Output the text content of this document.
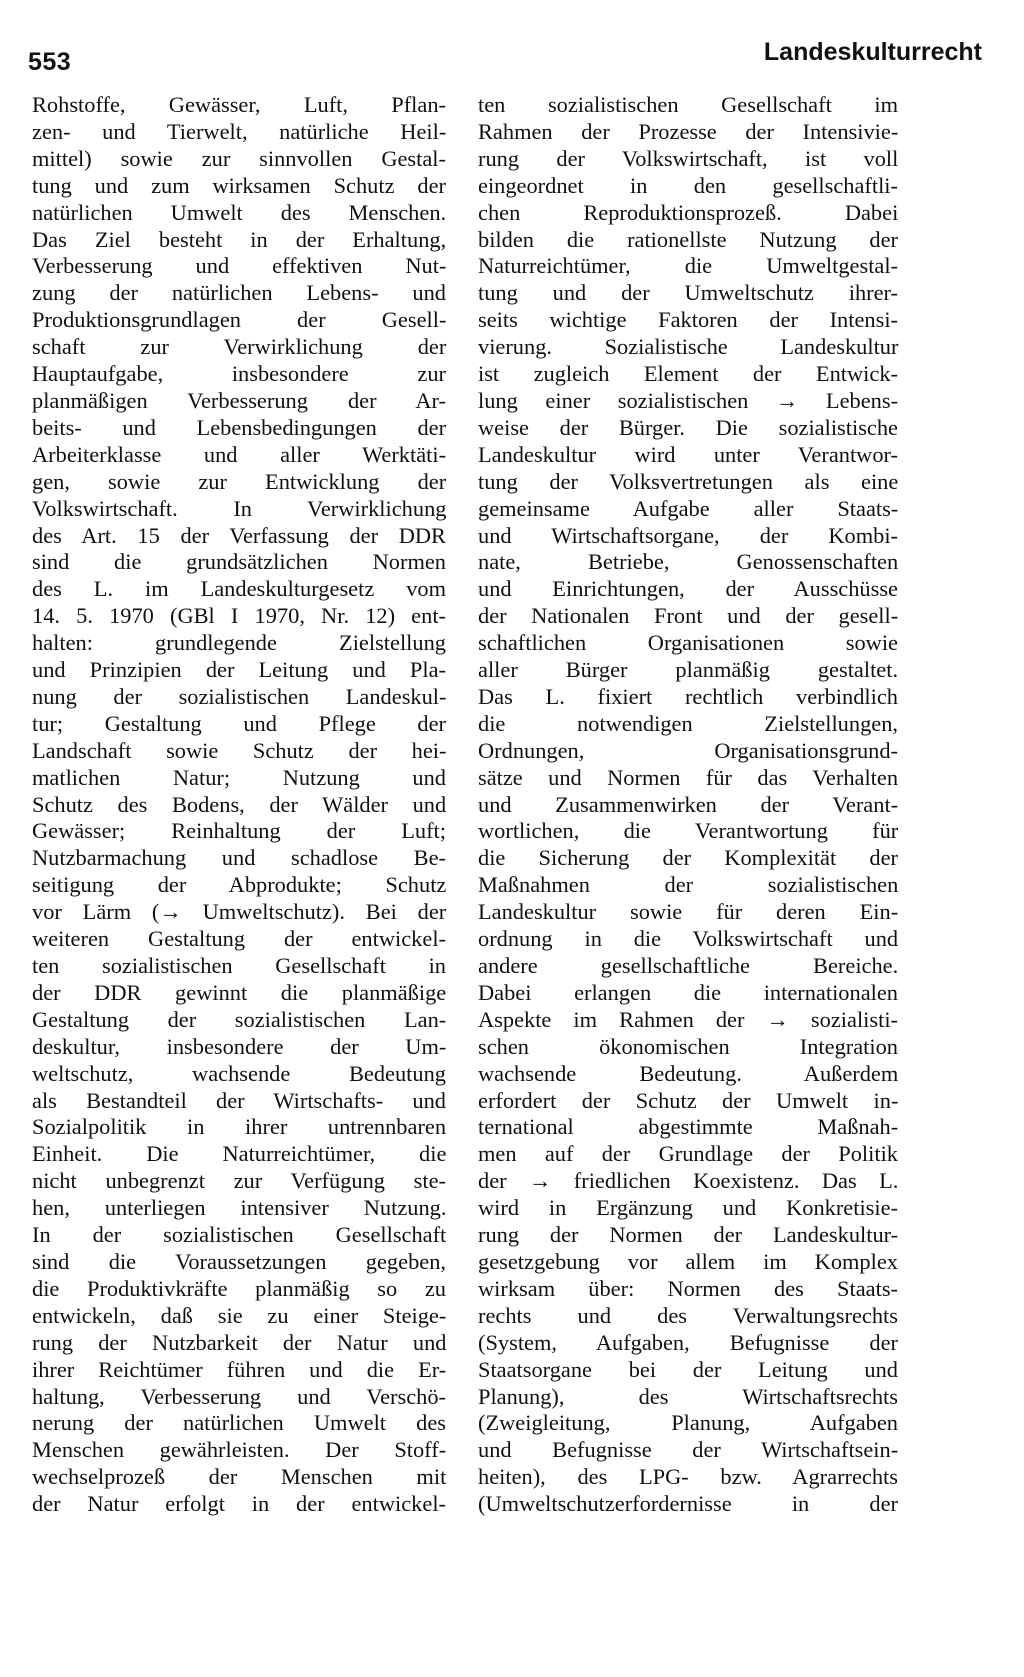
553	Landeskulturrecht
Rohstoffe, Gewässer, Luft, Pflan-
zen- und Tierwelt, natürliche Heil-
mittel) sowie zur sinnvollen Gestal-
tung und zum wirksamen Schutz der
natürlichen Umwelt des Menschen.
Das Ziel besteht in der Erhaltung,
Verbesserung und effektiven Nut-
zung der natürlichen Lebens- und
Produktionsgrundlagen der Gesell-
schaft zur Verwirklichung der
Hauptaufgabe, insbesondere zur
planmäßigen Verbesserung der Ar-
beits- und Lebensbedingungen der
Arbeiterklasse und aller Werktäti-
gen, sowie zur Entwicklung der
Volkswirtschaft. In Verwirklichung
des Art. 15 der Verfassung der DDR
sind die grundsätzlichen Normen
des L. im Landeskulturgesetz vom
14. 5. 1970 (GBl I 1970, Nr. 12) ent-
halten: grundlegende Zielstellung
und Prinzipien der Leitung und Pla-
nung der sozialistischen Landeskul-
tur; Gestaltung und Pflege der
Landschaft sowie Schutz der hei-
matlichen Natur; Nutzung und
Schutz des Bodens, der Wälder und
Gewässer; Reinhaltung der Luft;
Nutzbarmachung und schadlose Be-
seitigung der Abprodukte; Schutz
vor Lärm (→ Umweltschutz). Bei der
weiteren Gestaltung der entwickel-
ten sozialistischen Gesellschaft in
der DDR gewinnt die planmäßige
Gestaltung der sozialistischen Lan-
deskultur, insbesondere der Um-
weltschutz, wachsende Bedeutung
als Bestandteil der Wirtschafts- und
Sozialpolitik in ihrer untrennbaren
Einheit. Die Naturreichtümer, die
nicht unbegrenzt zur Verfügung ste-
hen, unterliegen intensiver Nutzung.
In der sozialistischen Gesellschaft
sind die Voraussetzungen gegeben,
die Produktivkräfte planmäßig so zu
entwickeln, daß sie zu einer Steige-
rung der Nutzbarkeit der Natur und
ihrer Reichtümer führen und die Er-
haltung, Verbesserung und Verschö-
nerung der natürlichen Umwelt des
Menschen gewährleisten. Der Stoff-
wechselprozeß der Menschen mit
der Natur erfolgt in der entwickel-
ten sozialistischen Gesellschaft im
Rahmen der Prozesse der Intensivie-
rung der Volkswirtschaft, ist voll
eingeordnet in den gesellschaftli-
chen Reproduktionsprozeß. Dabei
bilden die rationellste Nutzung der
Naturreichtümer, die Umweltgestal-
tung und der Umweltschutz ihrer-
seits wichtige Faktoren der Intensi-
vierung. Sozialistische Landeskultur
ist zugleich Element der Entwick-
lung einer sozialistischen → Lebens-
weise der Bürger. Die sozialistische
Landeskultur wird unter Verantwor-
tung der Volksvertretungen als eine
gemeinsame Aufgabe aller Staats-
und Wirtschaftsorgane, der Kombi-
nate, Betriebe, Genossenschaften
und Einrichtungen, der Ausschüsse
der Nationalen Front und der gesell-
schaftlichen Organisationen sowie
aller Bürger planmäßig gestaltet.
Das L. fixiert rechtlich verbindlich
die notwendigen Zielstellungen,
Ordnungen, Organisationsgrund-
sätze und Normen für das Verhalten
und Zusammenwirken der Verant-
wortlichen, die Verantwortung für
die Sicherung der Komplexität der
Maßnahmen der sozialistischen
Landeskultur sowie für deren Ein-
ordnung in die Volkswirtschaft und
andere gesellschaftliche Bereiche.
Dabei erlangen die internationalen
Aspekte im Rahmen der → sozialisti-
schen ökonomischen Integration
wachsende Bedeutung. Außerdem
erfordert der Schutz der Umwelt in-
ternational abgestimmte Maßnah-
men auf der Grundlage der Politik
der → friedlichen Koexistenz. Das L.
wird in Ergänzung und Konkretisie-
rung der Normen der Landeskultur-
gesetzgebung vor allem im Komplex
wirksam über: Normen des Staats-
rechts und des Verwaltungsrechts
(System, Aufgaben, Befugnisse der
Staatsorgane bei der Leitung und
Planung), des Wirtschaftsrechts
(Zweigleitung, Planung, Aufgaben
und Befugnisse der Wirtschaftsein-
heiten), des LPG- bzw. Agrarrechts
(Umweltschutzerfordernisse in der
